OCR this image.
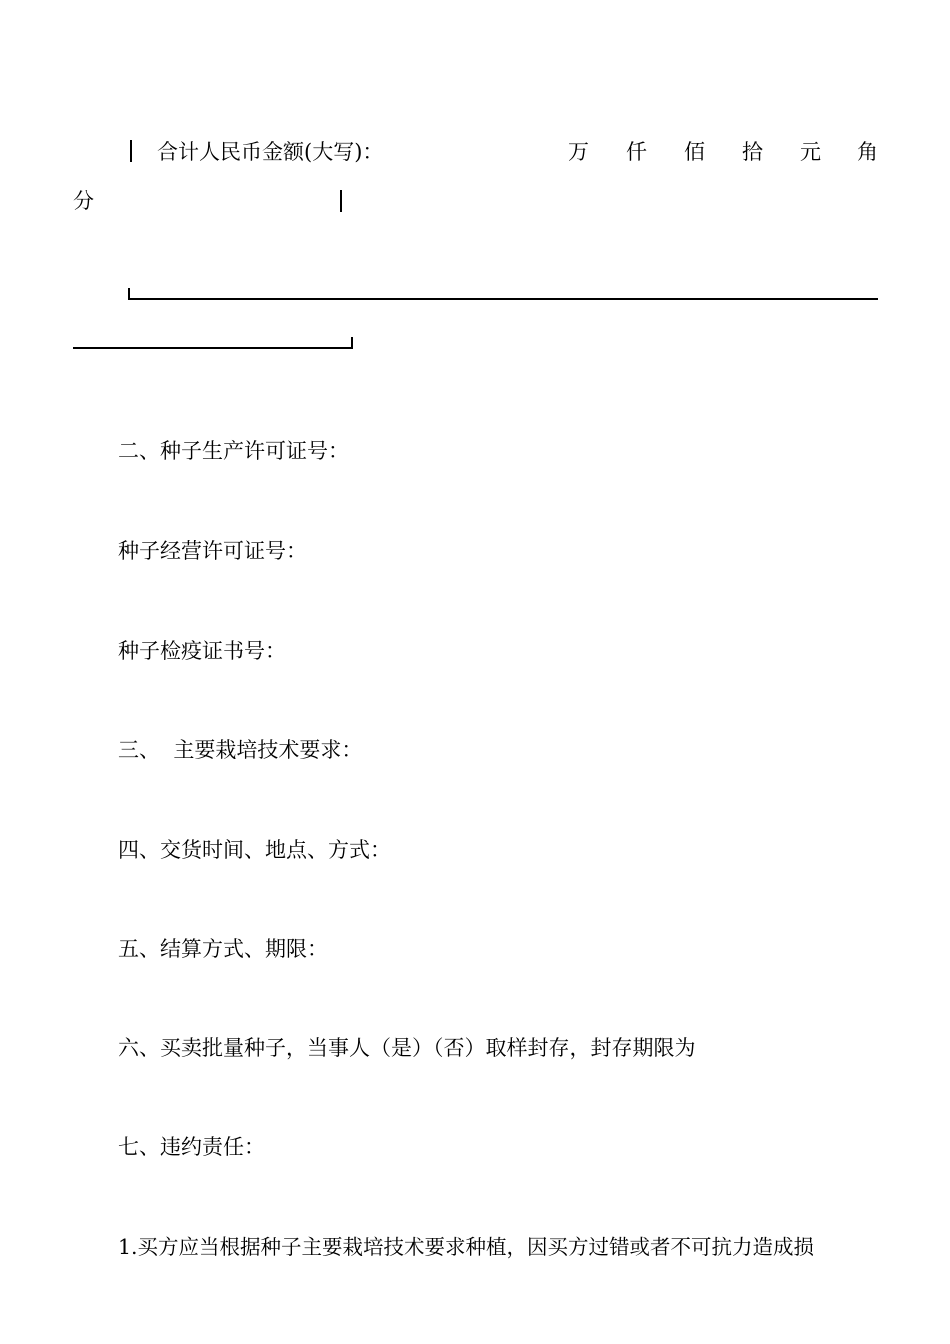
合计人民币金额(大写)：	万 仟 佰 拾 元 角
分
二、种子生产许可证号：
种子经营许可证号：
种子检疫证书号：
三、  主要栽培技术要求：
四、交货时间、地点、方式：
五、结算方式、期限：
六、买卖批量种子，当事人（是）（否）取样封存，封存期限为
七、违约责任：
1.买方应当根据种子主要栽培技术要求种植，因买方过错或者不可抗力造成损
